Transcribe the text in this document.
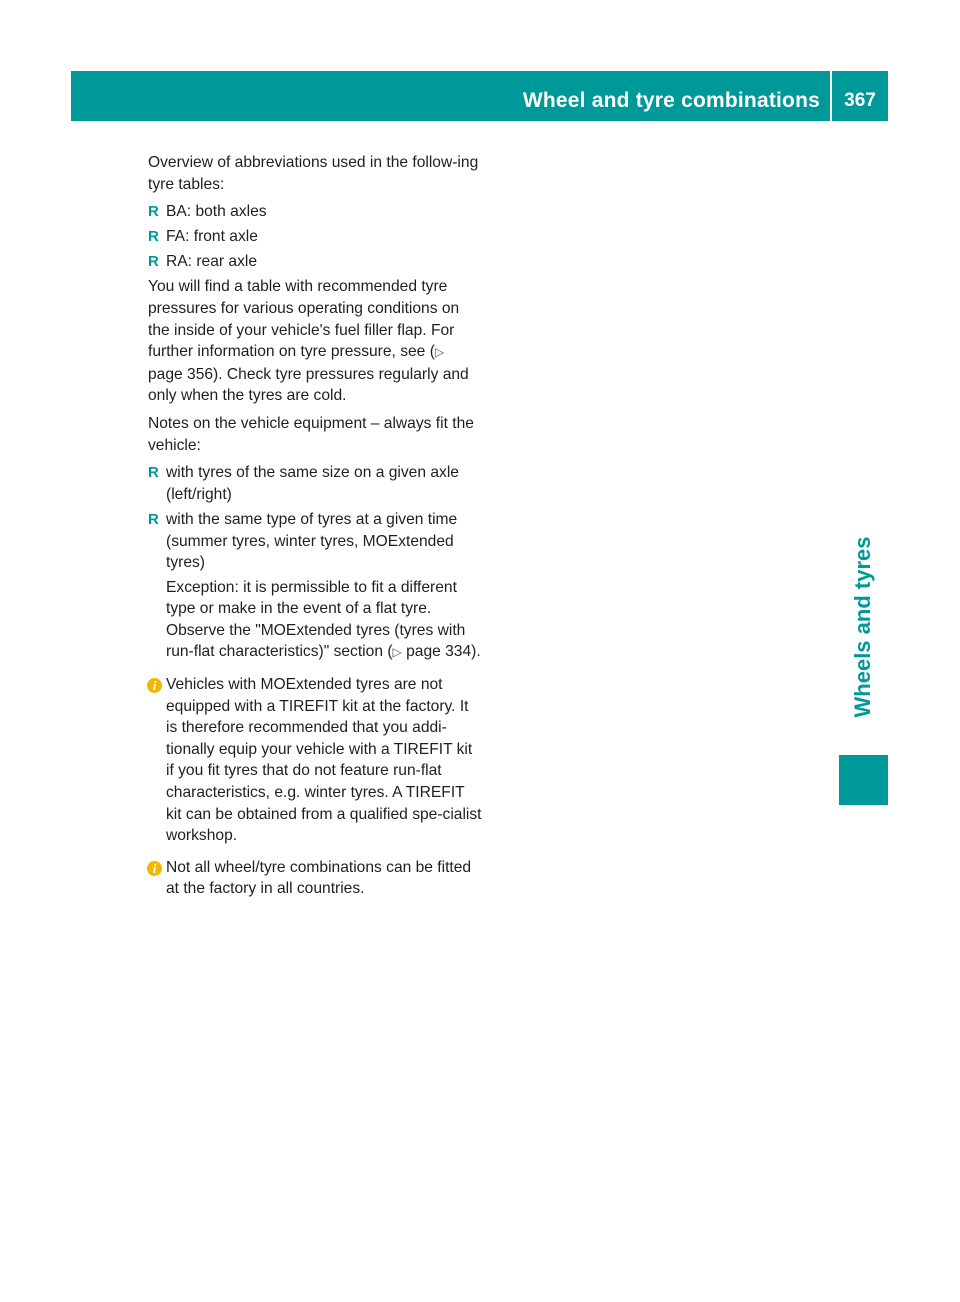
Wheel and tyre combinations	367
Wheels and tyres

Overview of abbreviations used in the follow-ing tyre tables:

R BA: both axles
R FA: front axle
R RA: rear axle

You will find a table with recommended tyre pressures for various operating conditions on the inside of your vehicle's fuel filler flap. For further information on tyre pressure, see (▷ page 356). Check tyre pressures regularly and only when the tyres are cold.

Notes on the vehicle equipment – always fit the vehicle:

R with tyres of the same size on a given axle (left/right)
R with the same type of tyres at a given time (summer tyres, winter tyres, MOExtended tyres)
Exception: it is permissible to fit a different type or make in the event of a flat tyre. Observe the "MOExtended tyres (tyres with run-flat characteristics)" section (▷ page 334).
i Vehicles with MOExtended tyres are not equipped with a TIREFIT kit at the factory. It is therefore recommended that you addi-tionally equip your vehicle with a TIREFIT kit if you fit tyres that do not feature run-flat characteristics, e.g. winter tyres. A TIREFIT kit can be obtained from a qualified spe-cialist workshop.
i Not all wheel/tyre combinations can be fitted at the factory in all countries.
